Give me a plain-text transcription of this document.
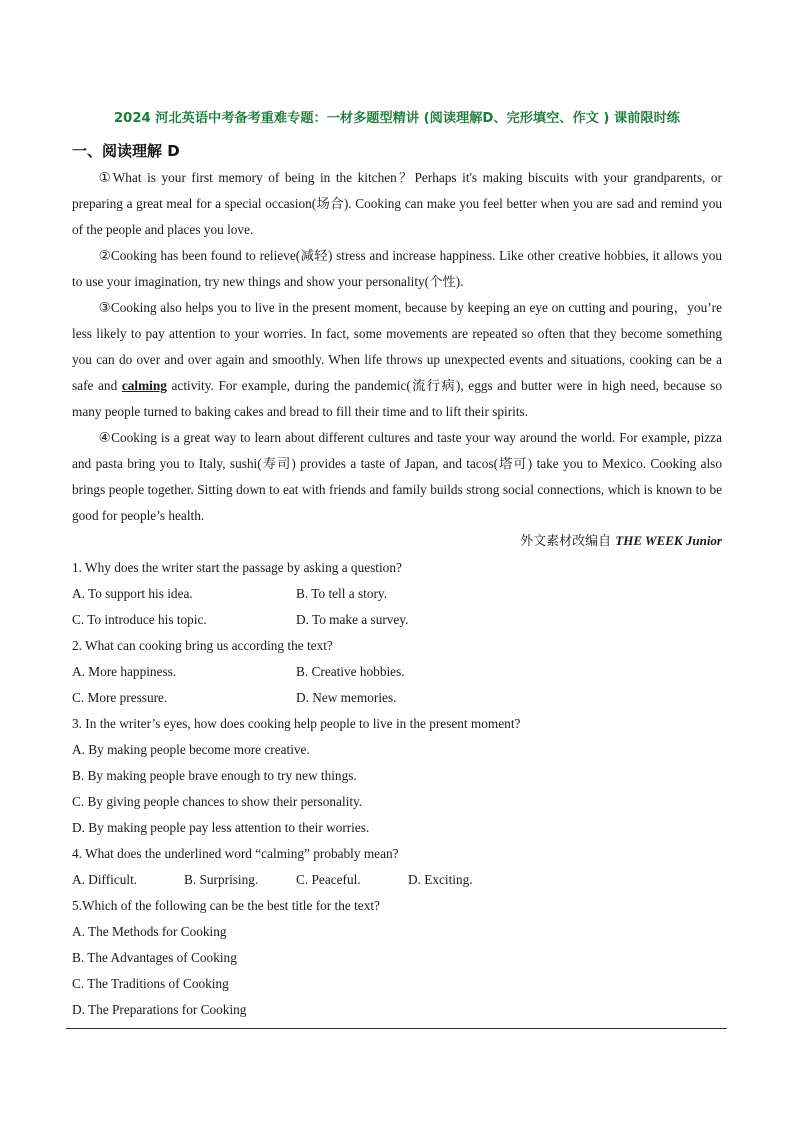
2024 河北英语中考备考重难专题：一材多题型精讲 (阅读理解D、完形填空、作文 ) 课前限时练
一、阅读理解 D

①What is your first memory of being in the kitchen？Perhaps it's making biscuits with your grandparents, or preparing a great meal for a special occasion(场合). Cooking can make you feel better when you are sad and remind you of the people and places you love.

②Cooking has been found to relieve(减轻) stress and increase happiness. Like other creative hobbies, it allows you to use your imagination, try new things and show your personality(个性).

③Cooking also helps you to live in the present moment, because by keeping an eye on cutting and pouring，you’re less likely to pay attention to your worries. In fact, some movements are repeated so often that they become something you can do over and over again and smoothly. When life throws up unexpected events and situations, cooking can be a safe and calming activity. For example, during the pandemic(流行病), eggs and butter were in high need, because so many people turned to baking cakes and bread to fill their time and to lift their spirits.

④Cooking is a great way to learn about different cultures and taste your way around the world. For example, pizza and pasta bring you to Italy, sushi(寿司) provides a taste of Japan, and tacos(塔可) take you to Mexico. Cooking also brings people together. Sitting down to eat with friends and family builds strong social connections, which is known to be good for people’s health.

外文素材改编自 THE WEEK Junior
1. Why does the writer start the passage by asking a question?
A. To support his idea.	B. To tell a story.
C. To introduce his topic.	D. To make a survey.
2. What can cooking bring us according the text?
A. More happiness.	B. Creative hobbies.
C. More pressure.	D. New memories.
3. In the writer’s eyes, how does cooking help people to live in the present moment?
A. By making people become more creative.
B. By making people brave enough to try new things.
C. By giving people chances to show their personality.
D. By making people pay less attention to their worries.
4. What does the underlined word “calming” probably mean?
A. Difficult.	B. Surprising.	C. Peaceful.	D. Exciting.
5.Which of the following can be the best title for the text?
A. The Methods for Cooking
B. The Advantages of Cooking
C. The Traditions of Cooking
D. The Preparations for Cooking
